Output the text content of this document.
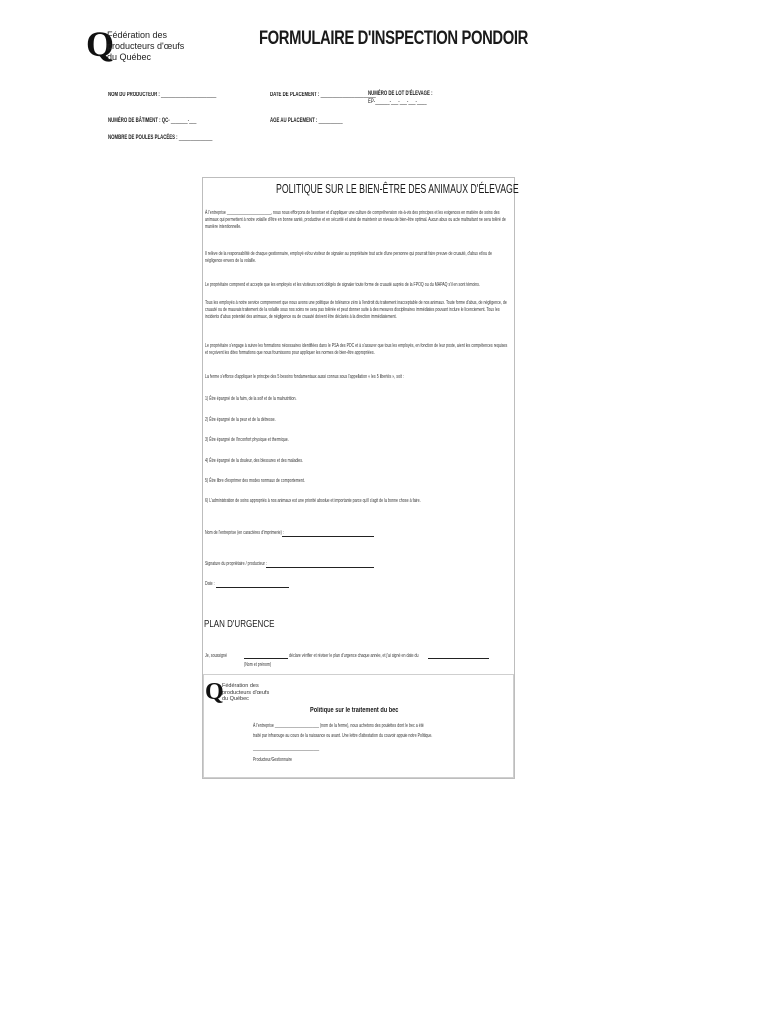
Q
Fédération des
producteurs d'œufs
du Québec
FORMULAIRE D'INSPECTION PONDOIR
NOM DU PRODUCTEUR : _______________________	DATE DE PLACEMENT : _______________________
NUMÉRO DE LOT D'ÉLEVAGE :
EP-______-___-___-___-____
NUMÉRO DE BÂTIMENT : QC- _______-___	ÂGE AU PLACEMENT : __________
NOMBRE DE POULES PLACÉES : ______________
POLITIQUE SUR LE BIEN-ÊTRE DES ANIMAUX D'ÉLEVAGE
À l'entreprise ______________________, nous nous efforçons de favoriser et d'appliquer une culture de compréhension vis-à-vis des principes et les exigences en matière de soins des animaux qui permettent à notre volaille d'être en bonne santé, productive et en sécurité et ainsi de maintenir un niveau de bien-être optimal. Aucun abus ou acte maltraitant ne sera toléré de manière intentionnelle.
Il relève de la responsabilité de chaque gestionnaire, employé et/ou visiteur de signaler au propriétaire tout acte d'une personne qui pourrait faire preuve de cruauté, d'abus et/ou de négligence envers de la volaille.
Le propriétaire comprend et accepte que les employés et les visiteurs sont obligés de signaler toute forme de cruauté auprès de la FPOQ ou du MAPAQ s'il en sont témoins.
Tous les employés à notre service comprennent que nous avons une politique de tolérance zéro à l'endroit du traitement inacceptable de nos animaux. Toute forme d'abus, de négligence, de cruauté ou de mauvais traitement de la volaille sous nos soins ne sera pas tolérée et peut donner suite à des mesures disciplinaires immédiates pouvant inclure le licenciement. Tous les incidents d'abus potentiel des animaux, de négligence ou de cruauté doivent être déclarés à la direction immédiatement.
Le propriétaire s'engage à suivre les formations nécessaires identifiées dans le PSA des PDC et à s'assurer que tous les employés, en fonction de leur poste, aient les compétences requises et reçoivent les dites formations que nous fournissons pour appliquer les normes de bien-être appropriées.
La ferme s'efforce d'appliquer le principe des 5 besoins fondamentaux aussi connus sous l'appellation « les 5 libertés », soit :
1) Être épargné de la faim, de la soif et de la malnutrition.
2) Être épargné de la peur et de la détresse.
3) Être épargné de l'inconfort physique et thermique.
4) Être épargné de la douleur, des blessures et des maladies.
5) Être libre d'exprimer des modes normaux de comportement.
6) L'administration de soins appropriés à nos animaux est une priorité absolue et importante parce qu'il s'agit de la bonne chose à faire.
Nom de l'entreprise (en caractères d'imprimerie) :
Signature du propriétaire / producteur :
Date :
PLAN D'URGENCE
Je, soussigné	déclare vérifier et réviser le plan d'urgence chaque année, et j'ai signé en date du
(Nom et prénom)
Q
Fédération des
producteurs d'œufs
du Québec
Politique sur le traitement du bec
À l'entreprise ______________________ (nom de la ferme), nous achetons des poulettes dont le bec a été
traité par infrarouge au cours de la naissance ou avant. Une lettre d'attestation du couvoir appuie notre Politique.
_________________________________
Producteur/Gestionnaire
